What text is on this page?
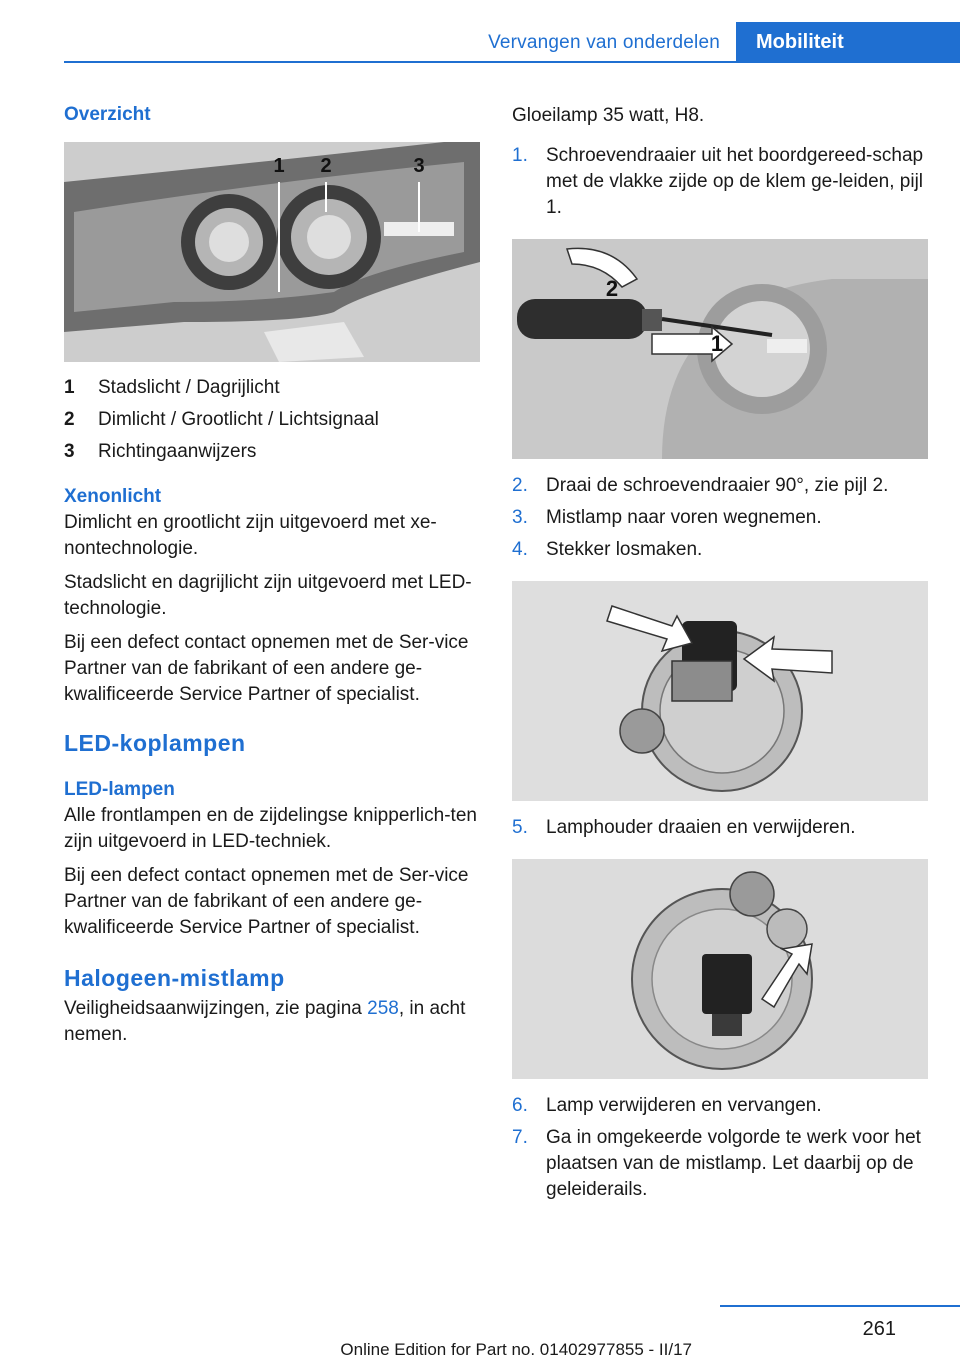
Vervangen van onderdelen Mobiliteit
Overzicht
1 2	3
1	Stadslicht / Dagrijlicht
2	Dimlicht / Grootlicht / Lichtsignaal
3	Richtingaanwijzers
Xenonlicht
Dimlicht en grootlicht zijn uitgevoerd met xe-nontechnologie.
Stadslicht en dagrijlicht zijn uitgevoerd met LED-technologie.
Bij een defect contact opnemen met de Ser-vice Partner van de fabrikant of een andere ge-kwalificeerde Service Partner of specialist.
LED-koplampen
LED-lampen
Alle frontlampen en de zijdelingse knipperlich-ten zijn uitgevoerd in LED-techniek.
Bij een defect contact opnemen met de Ser-vice Partner van de fabrikant of een andere ge-kwalificeerde Service Partner of specialist.
Halogeen-mistlamp
Veiligheidsaanwijzingen, zie pagina 258, in acht nemen.
Gloeilamp 35 watt, H8.
1. Schroevendraaier uit het boordgereed-schap met de vlakke zijde op de klem ge-leiden, pijl 1.
2
1
2. Draai de schroevendraaier 90°, zie pijl 2.
3. Mistlamp naar voren wegnemen.
4. Stekker losmaken.
5. Lamphouder draaien en verwijderen.
6. Lamp verwijderen en vervangen.
7. Ga in omgekeerde volgorde te werk voor het plaatsen van de mistlamp. Let daarbij op de geleiderails.
261
Online Edition for Part no. 01402977855 - II/17
